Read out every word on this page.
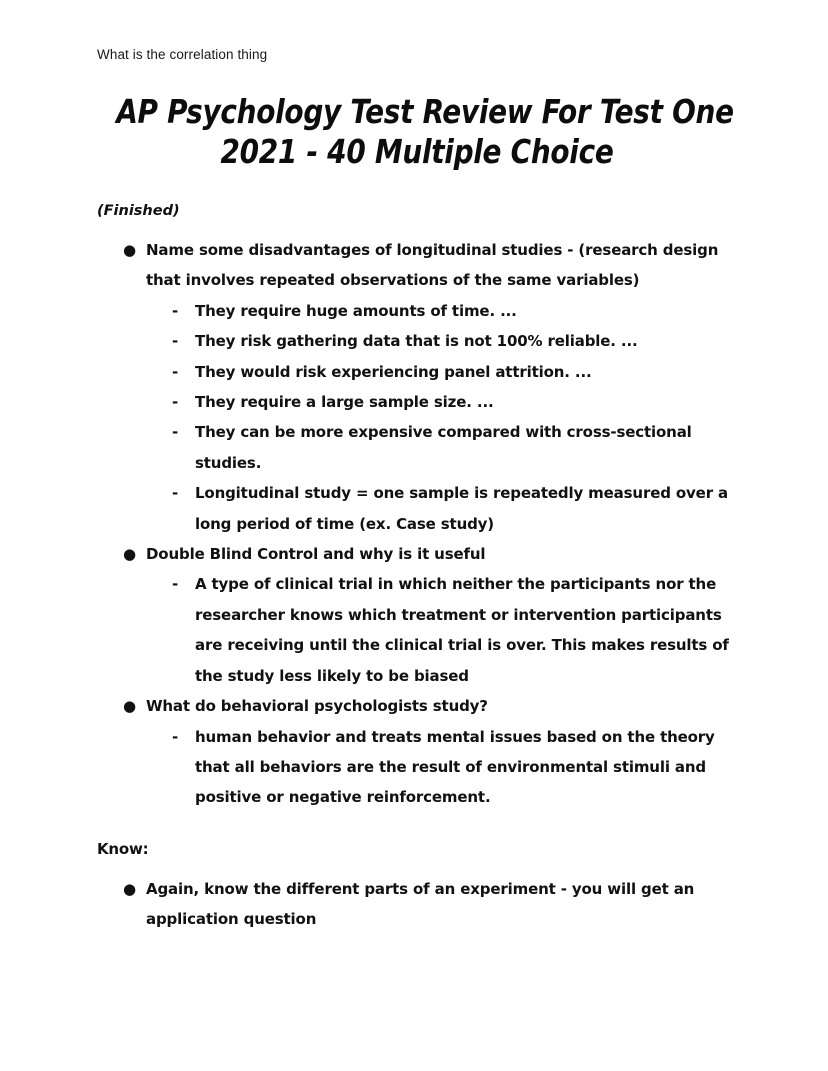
What is the correlation thing
AP Psychology Test Review For Test One
2021 - 40 Multiple Choice
(Finished)
● Name some disadvantages of longitudinal studies - (research design that involves repeated observations of the same variables)
-	They require huge amounts of time. ...
-	They risk gathering data that is not 100% reliable. ...
-	They would risk experiencing panel attrition. ...
-	They require a large sample size. ...
-	They can be more expensive compared with cross-sectional studies.
-	Longitudinal study = one sample is repeatedly measured over a long period of time (ex. Case study)
● Double Blind Control and why is it useful
-	A type of clinical trial in which neither the participants nor the researcher knows which treatment or intervention participants are receiving until the clinical trial is over. This makes results of the study less likely to be biased
● What do behavioral psychologists study?
-	human behavior and treats mental issues based on the theory that all behaviors are the result of environmental stimuli and positive or negative reinforcement.
Know:
● Again, know the different parts of an experiment - you will get an application question
